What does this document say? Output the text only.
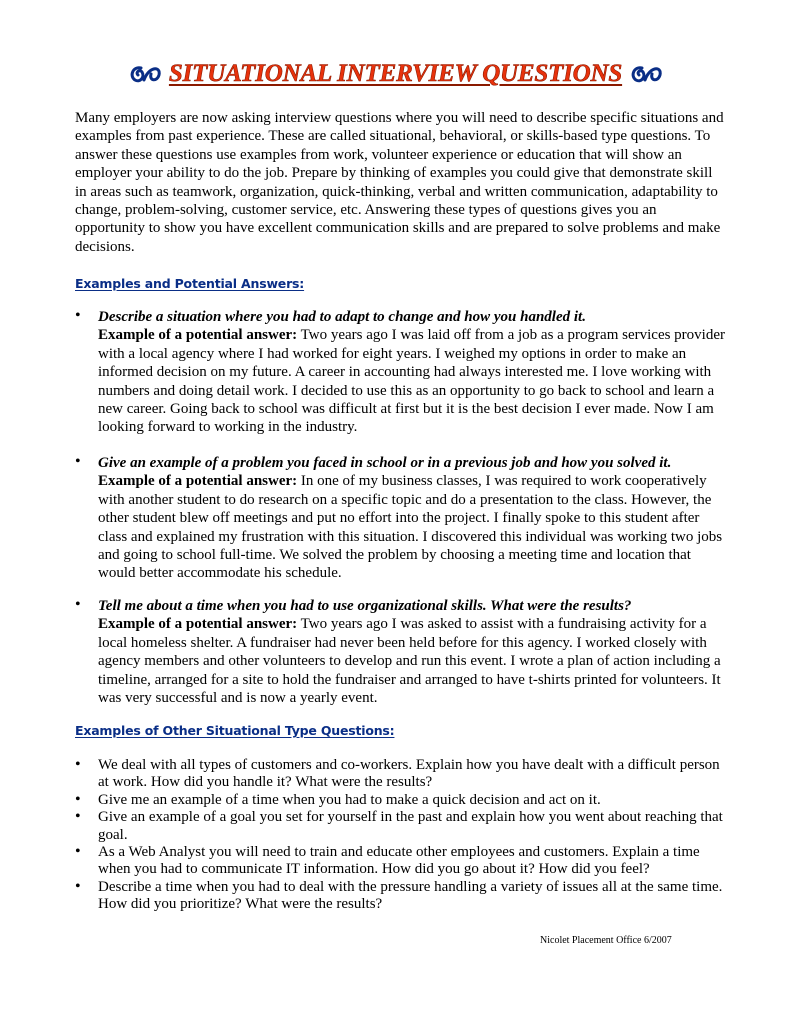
SITUATIONAL INTERVIEW QUESTIONS

Many employers are now asking interview questions where you will need to describe specific situations and examples from past experience. These are called situational, behavioral, or skills-based type questions. To answer these questions use examples from work, volunteer experience or education that will show an employer your ability to do the job. Prepare by thinking of examples you could give that demonstrate skill in areas such as teamwork, organization, quick-thinking, verbal and written communication, adaptability to change, problem-solving, customer service, etc. Answering these types of questions gives you an opportunity to show you have excellent communication skills and are prepared to solve problems and make decisions.

Examples and Potential Answers:
• Describe a situation where you had to adapt to change and how you handled it.
Example of a potential answer: Two years ago I was laid off from a job as a program services provider with a local agency where I had worked for eight years. I weighed my options in order to make an informed decision on my future. A career in accounting had always interested me. I love working with numbers and doing detail work. I decided to use this as an opportunity to go back to school and learn a new career. Going back to school was difficult at first but it is the best decision I ever made. Now I am looking forward to working in the industry.
• Give an example of a problem you faced in school or in a previous job and how you solved it.
Example of a potential answer: In one of my business classes, I was required to work cooperatively with another student to do research on a specific topic and do a presentation to the class. However, the other student blew off meetings and put no effort into the project. I finally spoke to this student after class and explained my frustration with this situation. I discovered this individual was working two jobs and going to school full-time. We solved the problem by choosing a meeting time and location that would better accommodate his schedule.
• Tell me about a time when you had to use organizational skills. What were the results?
Example of a potential answer: Two years ago I was asked to assist with a fundraising activity for a local homeless shelter. A fundraiser had never been held before for this agency. I worked closely with agency members and other volunteers to develop and run this event. I wrote a plan of action including a timeline, arranged for a site to hold the fundraiser and arranged to have t-shirts printed for volunteers. It was very successful and is now a yearly event.
Examples of Other Situational Type Questions:
• We deal with all types of customers and co-workers. Explain how you have dealt with a difficult person at work. How did you handle it? What were the results?
• Give me an example of a time when you had to make a quick decision and act on it.
• Give an example of a goal you set for yourself in the past and explain how you went about reaching that goal.
• As a Web Analyst you will need to train and educate other employees and customers. Explain a time when you had to communicate IT information. How did you go about it? How did you feel?
• Describe a time when you had to deal with the pressure handling a variety of issues all at the same time. How did you prioritize? What were the results?
Nicolet Placement Office 6/2007
